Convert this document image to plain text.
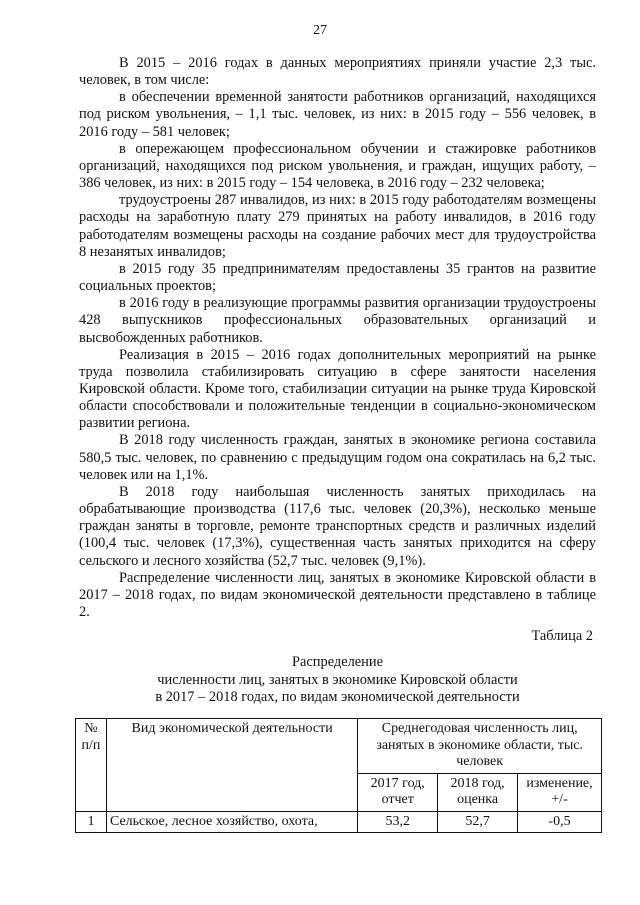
27

В 2015 – 2016 годах в данных мероприятиях приняли участие 2,3 тыс. человек, в том числе:

в обеспечении временной занятости работников организаций, находящихся под риском увольнения, – 1,1 тыс. человек, из них: в 2015 году – 556 человек, в 2016 году – 581 человек;

в опережающем профессиональном обучении и стажировке работников организаций, находящихся под риском увольнения, и граждан, ищущих работу, – 386 человек, из них: в 2015 году – 154 человека, в 2016 году – 232 человека;

трудоустроены 287 инвалидов, из них: в 2015 году работодателям возмещены расходы на заработную плату 279 принятых на работу инвалидов, в 2016 году работодателям возмещены расходы на создание рабочих мест для трудоустройства 8 незанятых инвалидов;

в 2015 году 35 предпринимателям предоставлены 35 грантов на развитие социальных проектов;

в 2016 году в реализующие программы развития организации трудоустроены 428 выпускников профессиональных образовательных организаций и высвобожденных работников.

Реализация в 2015 – 2016 годах дополнительных мероприятий на рынке труда позволила стабилизировать ситуацию в сфере занятости населения Кировской области. Кроме того, стабилизации ситуации на рынке труда Кировской области способствовали и положительные тенденции в социально-экономическом развитии региона.

В 2018 году численность граждан, занятых в экономике региона составила 580,5 тыс. человек, по сравнению с предыдущим годом она сократилась на 6,2 тыс. человек или на 1,1%.

В 2018 году наибольшая численность занятых приходилась на обрабатывающие производства (117,6 тыс. человек (20,3%), несколько меньше граждан заняты в торговле, ремонте транспортных средств и различных изделий (100,4 тыс. человек (17,3%), существенная часть занятых приходится на сферу сельского и лесного хозяйства (52,7 тыс. человек (9,1%).

Распределение численности лиц, занятых в экономике Кировской области в 2017 – 2018 годах, по видам экономической деятельности представлено в таблице 2.

Таблица 2
Распределение
численности лиц, занятых в экономике Кировской области
в 2017 – 2018 годах, по видам экономической деятельности
№ п/п	Вид экономической деятельности	Среднегодовая численность лиц, занятых в экономике области, тыс. человек		
		2017 год, отчет	2018 год, оценка	изменение, +/-
1	Сельское, лесное хозяйство, охота,	53,2	52,7	-0,5
